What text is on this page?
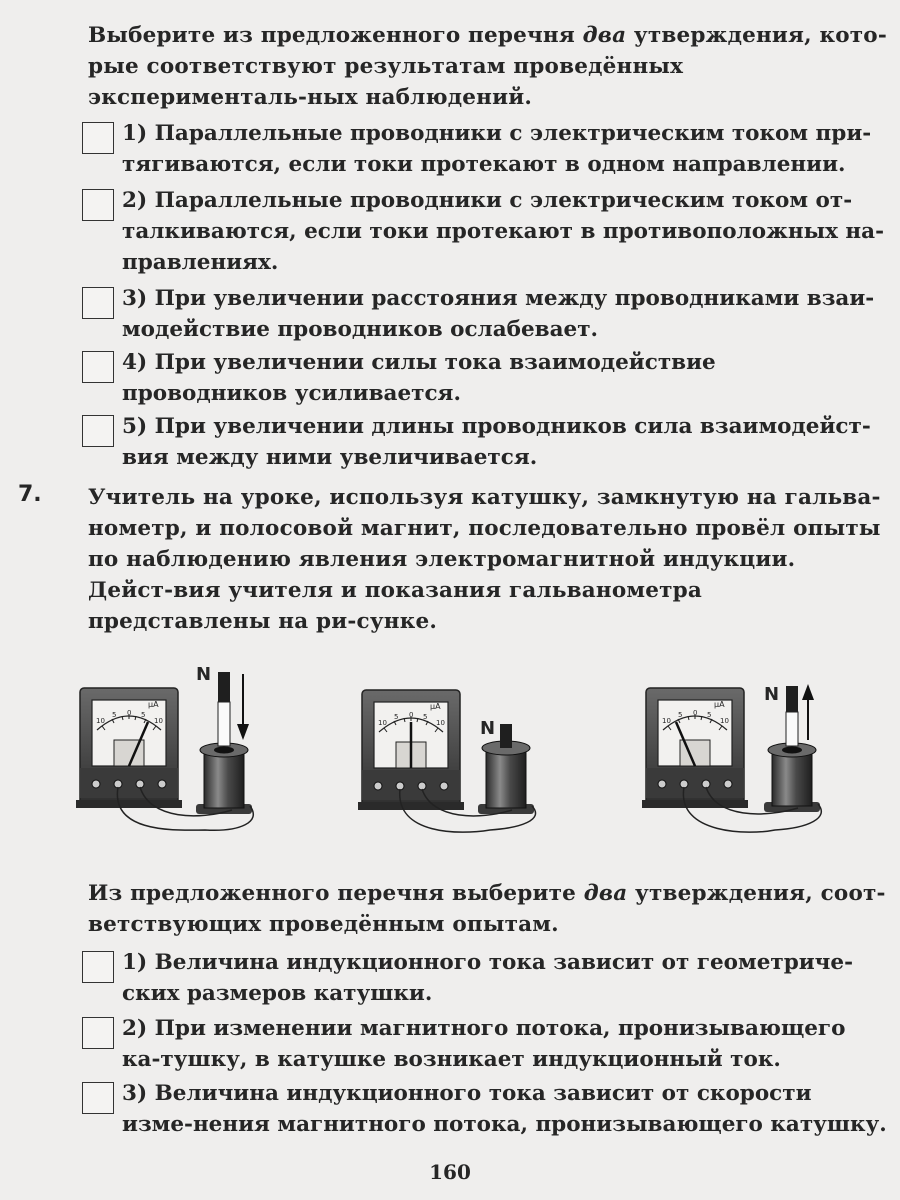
Выберите из предложенного перечня два утверждения, кото-рые соответствуют результатам проведённых эксперименталь-ных наблюдений.
1) Параллельные проводники с электрическим током при-тягиваются, если токи протекают в одном направлении.
2) Параллельные проводники с электрическим током от-талкиваются, если токи протекают в противоположных на-правлениях.
3) При увеличении расстояния между проводниками взаи-модействие проводников ослабевает.
4) При увеличении силы тока взаимодействие проводников усиливается.
5) При увеличении длины проводников сила взаимодейст-вия между ними увеличивается.
7. Учитель на уроке, используя катушку, замкнутую на гальва-нометр, и полосовой магнит, последовательно провёл опыты по наблюдению явления электромагнитной индукции. Дейст-вия учителя и показания гальванометра представлены на ри-сунке.
N
N
N
μA	μA	μA
10
5 0 5
10	10
5 0 5
10	10
5 0 5
10
Из предложенного перечня выберите два утверждения, соот-ветствующих проведённым опытам.
1) Величина индукционного тока зависит от геометриче-ских размеров катушки.
2) При изменении магнитного потока, пронизывающего ка-тушку, в катушке возникает индукционный ток.
3) Величина индукционного тока зависит от скорости изме-нения магнитного потока, пронизывающего катушку.
160
